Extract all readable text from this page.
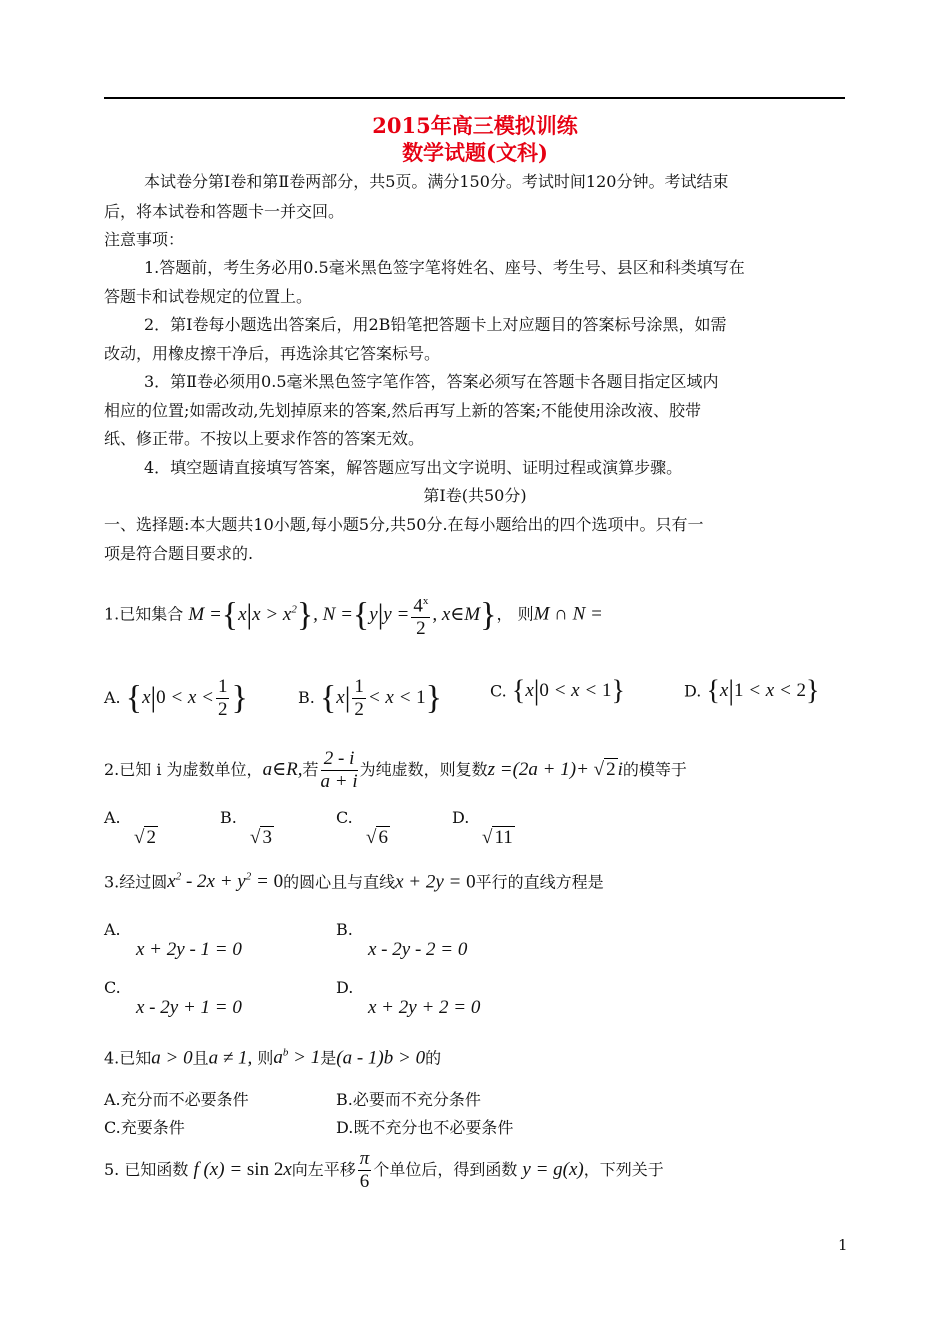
2015年高三模拟训练
数学试题(文科)
本试卷分第Ⅰ卷和第Ⅱ卷两部分，共5页。满分150分。考试时间120分钟。考试结束
后，将本试卷和答题卡一并交回。
注意事项：
1.答题前，考生务必用0.5毫米黑色签字笔将姓名、座号、考生号、县区和科类填写在
答题卡和试卷规定的位置上。
2．第Ⅰ卷每小题选出答案后，用2B铅笔把答题卡上对应题目的答案标号涂黑，如需
改动，用橡皮擦干净后，再选涂其它答案标号。
3．第Ⅱ卷必须用0.5毫米黑色签字笔作答，答案必须写在答题卡各题目指定区域内
相应的位置;如需改动,先划掉原来的答案,然后再写上新的答案;不能使用涂改液、胶带
纸、修正带。不按以上要求作答的答案无效。
4．填空题请直接填写答案，解答题应写出文字说明、证明过程或演算步骤。
第Ⅰ卷(共50分)
一、选择题:本大题共10小题,每小题5分,共50分.在每小题给出的四个选项中。只有一
项是符合题目要求的.
1.已知集合 $M =\{x|x > x^2\}$, $N =\{y|y = \frac{4^x}{2}$ , x∈M}， 则M ∩ N =
A. {$x|0 < x < \frac{1}{2}$ }	B. $\{x| \frac{1}{2} < x < 1\}$	C. {x|0 < x < 1}	D. {x|1 < x < 2}
2.已知 i 为虚数单位，a∈R,若 $\frac{2 - i}{a + i}$ 为纯虚数，则复数z =(2a + 1)+ √ 2 i的模等于
A.
√ 2
B.
√ 3
C.
√ 6
D.
√ 11
3.经过圆$x^2 - 2x + y^2 = 0$的圆心且与直线x + 2y = 0平行的直线方程是
A.
x + 2y - 1 = 0
B.
x - 2y - 2 = 0
C.
x - 2y + 1 = 0
D.
x + 2y + 2 = 0
4.已知a > 0且a ≠ 1, 则$a^b > 1$是(a - 1)b > 0的
A.充分而不必要条件	B.必要而不充分条件
C.充要条件	D.既不充分也不必要条件
5. 已知函数 f (x) = sin 2x向左平移 $\frac{\pi}{6}$ 个单位后，得到函数 y = g(x)，下列关于
1
